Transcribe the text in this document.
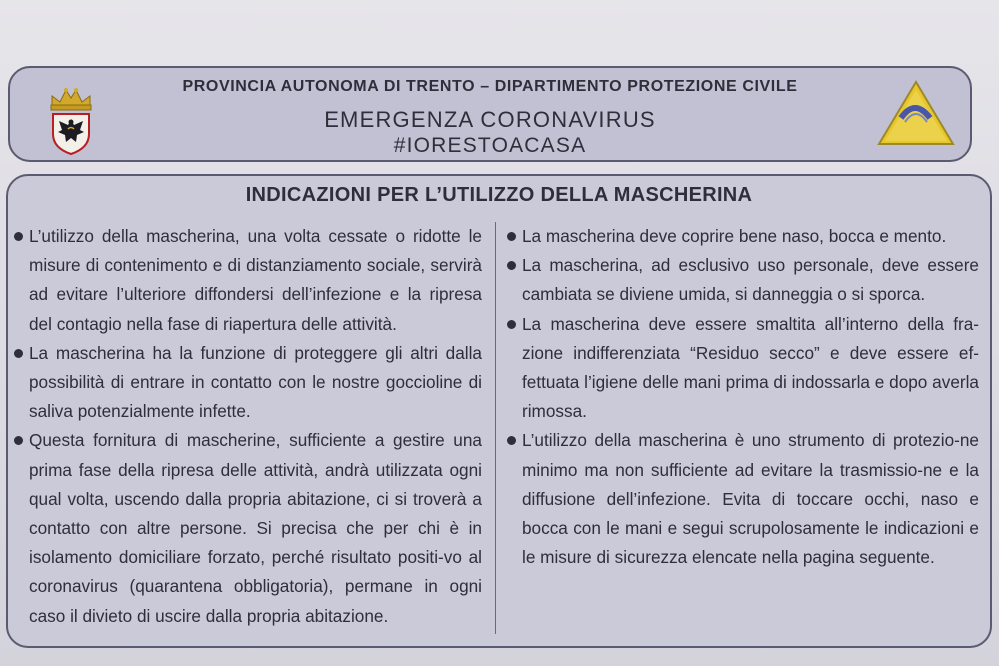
PROVINCIA AUTONOMA DI TRENTO – DIPARTIMENTO PROTEZIONE CIVILE
EMERGENZA CORONAVIRUS
#IORESTOACASA
INDICAZIONI PER L’UTILIZZO DELLA MASCHERINA
L’utilizzo della mascherina, una volta cessate o ridotte le misure di contenimento e di distanziamento sociale, servirà ad evitare l’ulteriore diffondersi dell’infezione e la ripresa del contagio nella fase di riapertura delle attività.
La mascherina ha la funzione di proteggere gli altri dalla possibilità di entrare in contatto con le nostre goccioline di saliva potenzialmente infette.
Questa fornitura di mascherine, sufficiente a gestire una prima fase della ripresa delle attività, andrà utilizzata ogni qual volta, uscendo dalla propria abitazione, ci si troverà a contatto con altre persone. Si precisa che per chi è in isolamento domiciliare forzato, perché risultato positi-vo al coronavirus (quarantena obbligatoria), permane in ogni caso il divieto di uscire dalla propria abitazione.
La mascherina deve coprire bene naso, bocca e mento.
La mascherina, ad esclusivo uso personale, deve essere cambiata se diviene umida, si danneggia o si sporca.
La mascherina deve essere smaltita all’interno della fra-zione indifferenziata “Residuo secco” e deve essere ef-fettuata l’igiene delle mani prima di indossarla e dopo averla rimossa.
L’utilizzo della mascherina è uno strumento di protezio-ne minimo ma non sufficiente ad evitare la trasmissio-ne e la diffusione dell’infezione. Evita di toccare occhi, naso e bocca con le mani e segui scrupolosamente le indicazioni e le misure di sicurezza elencate nella pagina seguente.
